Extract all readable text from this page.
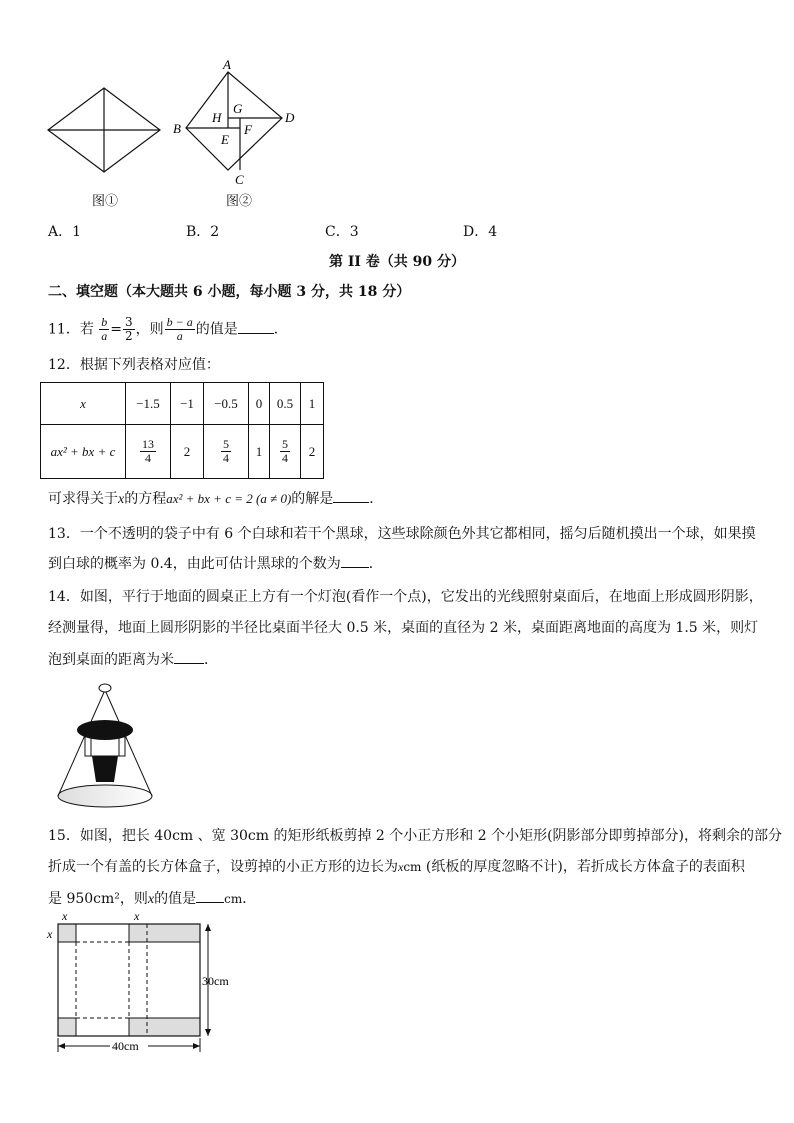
图①
A
B
C
D
G
H
F
E
图②
A．1	B．2	C．3	D．4
第 II 卷（共 90 分）
二、填空题（本大题共 6 小题，每小题 3 分，共 18 分）
11．若 $\frac{b}{a} = \frac{3}{2}$ ，则 $\frac{b - a}{a}$ 的值是	．
12．根据下列表格对应值：
x	−1.5	−1	−0.5	0	0.5	1
ax² + bx + c	$\frac{13}{4}$	2	$\frac{5}{4}$	1	$\frac{5}{4}$	2
可求得关于x的方程ax² + bx + c = 2 (a ≠ 0)的解是	．
13．一个不透明的袋子中有 6 个白球和若干个黑球，这些球除颜色外其它都相同，摇匀后随机摸出一个球，如果摸
到白球的概率为 0.4，由此可估计黑球的个数为 ．
14．如图，平行于地面的圆桌正上方有一个灯泡(看作一个点)，它发出的光线照射桌面后，在地面上形成圆形阴影，
经测量得，地面上圆形阴影的半径比桌面半径大 0.5 米，桌面的直径为 2 米，桌面距离地面的高度为 1.5 米，则灯
泡到桌面的距离为米 ．
15．如图，把长 40cm 、宽 30cm 的矩形纸板剪掉 2 个小正方形和 2 个小矩形(阴影部分即剪掉部分)，将剩余的部分
折成一个有盖的长方体盒子，设剪掉的小正方形的边长为xcm (纸板的厚度忽略不计)，若折成长方体盒子的表面积
是 950cm²，则x的值是 cm．
x	x
x
30cm
40cm
